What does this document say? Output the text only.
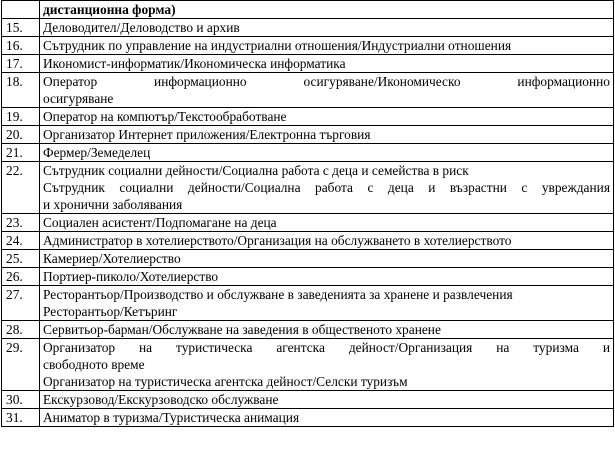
	дистанционна форма)
15.	Деловодител/Деловодство и архив

16.	Сътрудник по управление на индустриални отношения/Индустриални отношения

17.	Икономист-информатик/Икономическа информатика

18.	Оператор информационно осигуряване/Икономическо информационно
осигуряване

19.	Оператор на компютър/Текстообработване

20.	Организатор Интернет приложения/Електронна търговия

21.	Фермер/Земеделец

22.	Сътрудник социални дейности/Социална работа с деца и семейства в риск
Сътрудник социални дейности/Социална работа с деца и възрастни с увреждания
и хронични заболявания

23.	Социален асистент/Подпомагане на деца

24.	Администратор в хотелиерството/Организация на обслужването в хотелиерството

25.	Камериер/Хотелиерство

26.	Портиер-пиколо/Хотелиерство

27.	Ресторантьор/Производство и обслужване в заведенията за хранене и развлечения
Ресторантьор/Кетъринг

28.	Сервитьор-барман/Обслужване на заведения в общественото хранене

29.	Организатор на туристическа агентска дейност/Организация на туризма и
свободното време
Организатор на туристическа агентска дейност/Селски туризъм

30.	Екскурзовод/Екскурзоводско обслужване

31.	Аниматор в туризма/Туристическа анимация
